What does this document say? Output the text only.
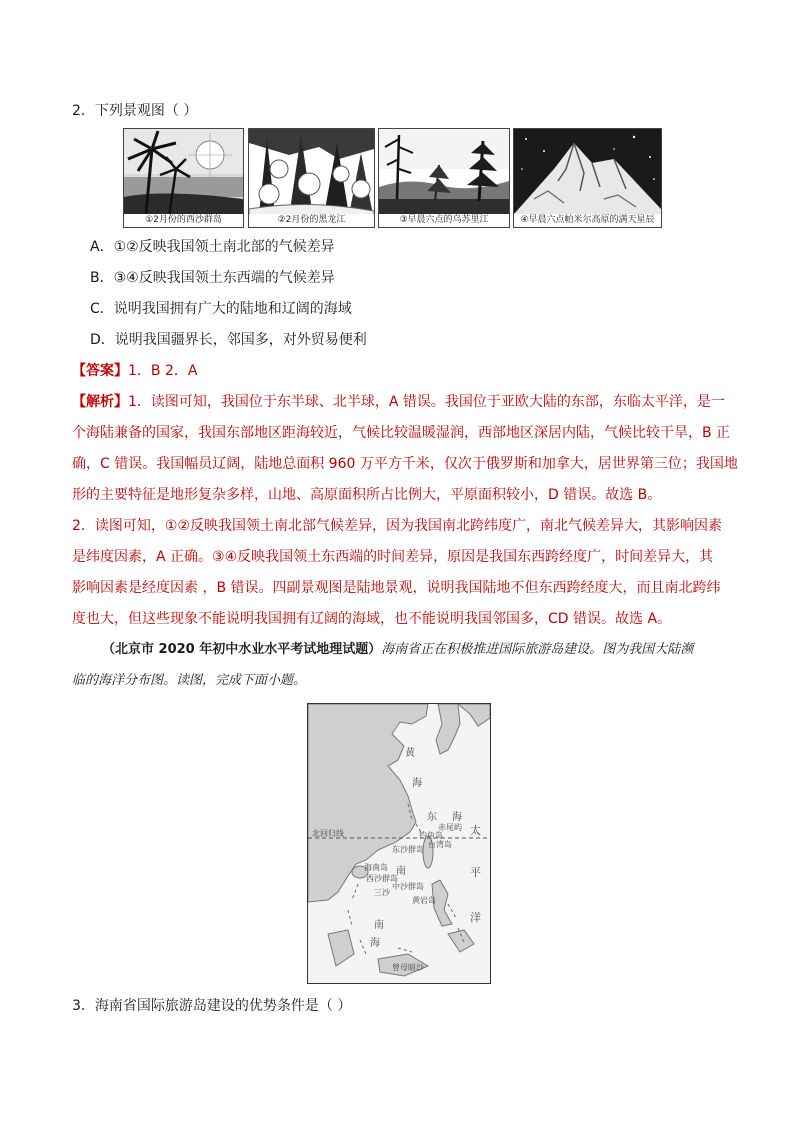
2．下列景观图（ ）
①2月份的西沙群岛	②2月份的黑龙江	③早晨六点的乌苏里江	④早晨六点帕米尔高原的满天星辰
A．①②反映我国领土南北部的气候差异
B．③④反映我国领土东西端的气候差异
C．说明我国拥有广大的陆地和辽阔的海域
D．说明我国疆界长，邻国多，对外贸易便利
【答案】1．B 2．A
【解析】1．读图可知，我国位于东半球、北半球，A 错误。我国位于亚欧大陆的东部，东临太平洋，是一
个海陆兼备的国家，我国东部地区距海较近，气候比较温暖湿润，西部地区深居内陆，气候比较干旱，B 正
确，C 错误。我国幅员辽阔，陆地总面积 960 万平方千米，仅次于俄罗斯和加拿大，居世界第三位；我国地
形的主要特征是地形复杂多样，山地、高原面积所占比例大，平原面积较小，D 错误。故选 B。
2．读图可知，①②反映我国领土南北部气候差异，因为我国南北跨纬度广，南北气候差异大，其影响因素
是纬度因素，A 正确。③④反映我国领土东西端的时间差异，原因是我国东西跨经度广，时间差异大，其
影响因素是经度因素 ，B 错误。四副景观图是陆地景观，说明我国陆地不但东西跨经度大，而且南北跨纬
度也大，但这些现象不能说明我国拥有辽阔的海域，也不能说明我国邻国多，CD 错误。故选 A。
（北京市 2020 年初中水业水平考试地理试题）海南省正在积极推进国际旅游岛建设。图为我国大陆濒
临的海洋分布图。读图，完成下面小题。
黄
海
东 海
赤尾屿
钓鱼岛
北回归线
东沙群岛
台湾岛
海南岛 南
西沙群岛
中沙群岛
三沙
黄岩岛
南
海
曾母暗沙
太
平
洋
3．海南省国际旅游岛建设的优势条件是（ ）
